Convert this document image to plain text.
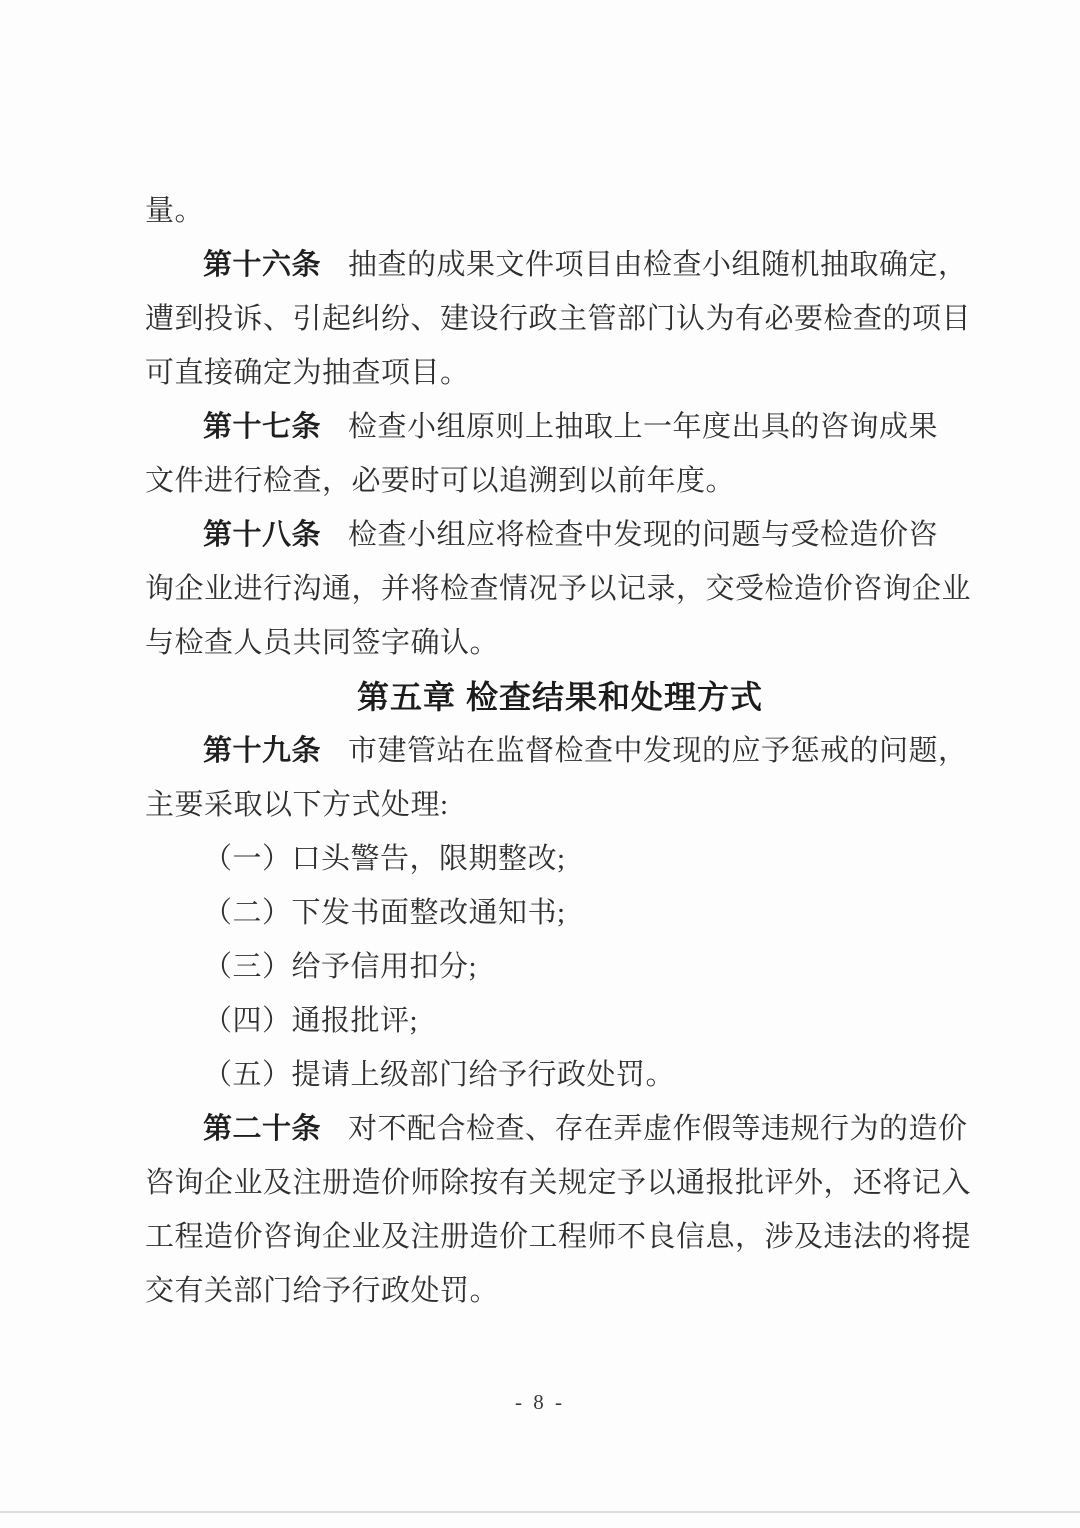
量。
第十六条 抽查的成果文件项目由检查小组随机抽取确定，
遭到投诉、引起纠纷、建设行政主管部门认为有必要检查的项目
可直接确定为抽查项目。
第十七条 检查小组原则上抽取上一年度出具的咨询成果
文件进行检查，必要时可以追溯到以前年度。
第十八条 检查小组应将检查中发现的问题与受检造价咨
询企业进行沟通，并将检查情况予以记录，交受检造价咨询企业
与检查人员共同签字确认。
第五章 检查结果和处理方式
第十九条 市建管站在监督检查中发现的应予惩戒的问题，
主要采取以下方式处理:
（一）口头警告，限期整改;
（二）下发书面整改通知书;
（三）给予信用扣分;
（四）通报批评;
（五）提请上级部门给予行政处罚。
第二十条 对不配合检查、存在弄虚作假等违规行为的造价
咨询企业及注册造价师除按有关规定予以通报批评外，还将记入
工程造价咨询企业及注册造价工程师不良信息，涉及违法的将提
交有关部门给予行政处罚。
- 8 -
